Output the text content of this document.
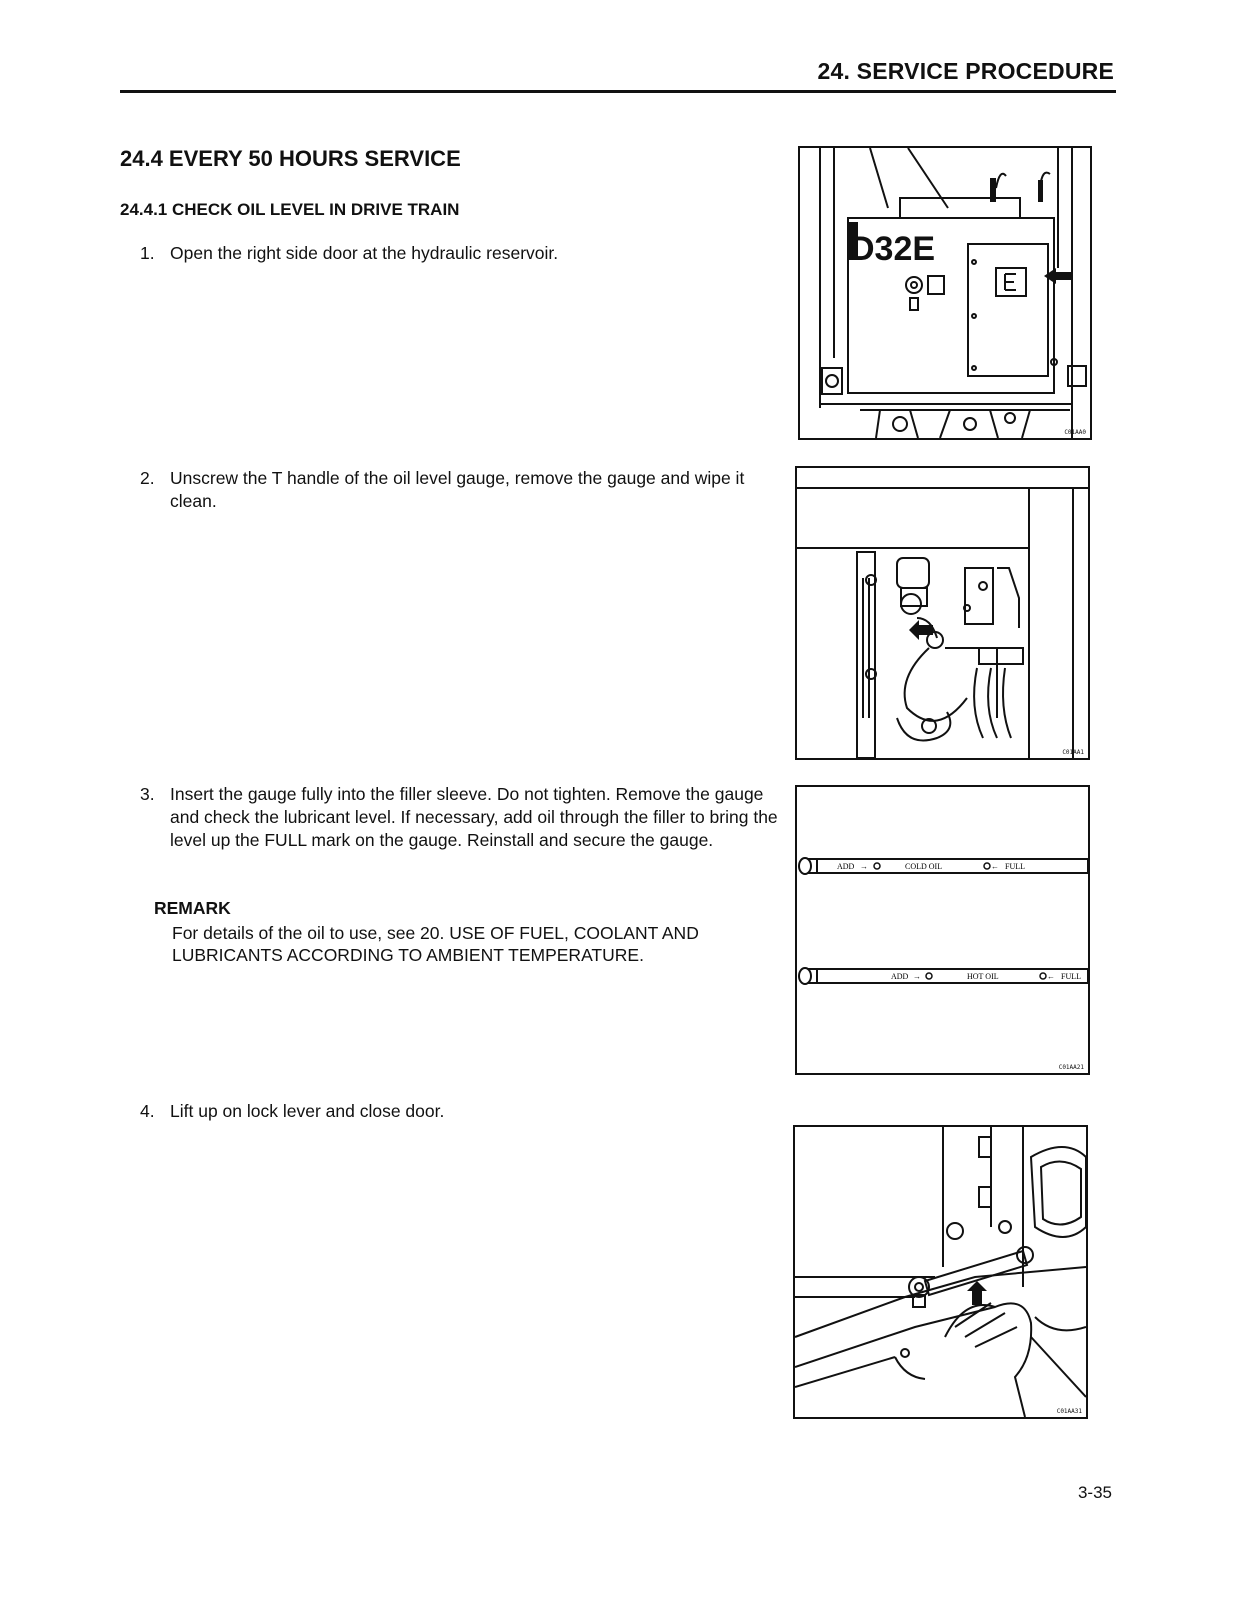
24. SERVICE PROCEDURE
24.4 EVERY 50 HOURS SERVICE
24.4.1 CHECK OIL LEVEL IN DRIVE TRAIN
1. Open the right side door at the hydraulic reservoir.
2. Unscrew the T handle of the oil level gauge, remove the gauge and wipe it clean.
3. Insert the gauge fully into the filler sleeve. Do not tighten. Remove the gauge and check the lubricant level. If necessary, add oil through the filler to bring the level up the FULL mark on the gauge. Reinstall and secure the gauge.
REMARK
For details of the oil to use, see 20. USE OF FUEL, COOLANT AND LUBRICANTS ACCORDING TO AMBIENT TEMPERATURE.
4. Lift up on lock lever and close door.
D32E
C01AA0
C01AA1
ADD →	COLD OIL	← FULL
ADD →	HOT OIL	← FULL
C01AA21
C01AA31
3-35
